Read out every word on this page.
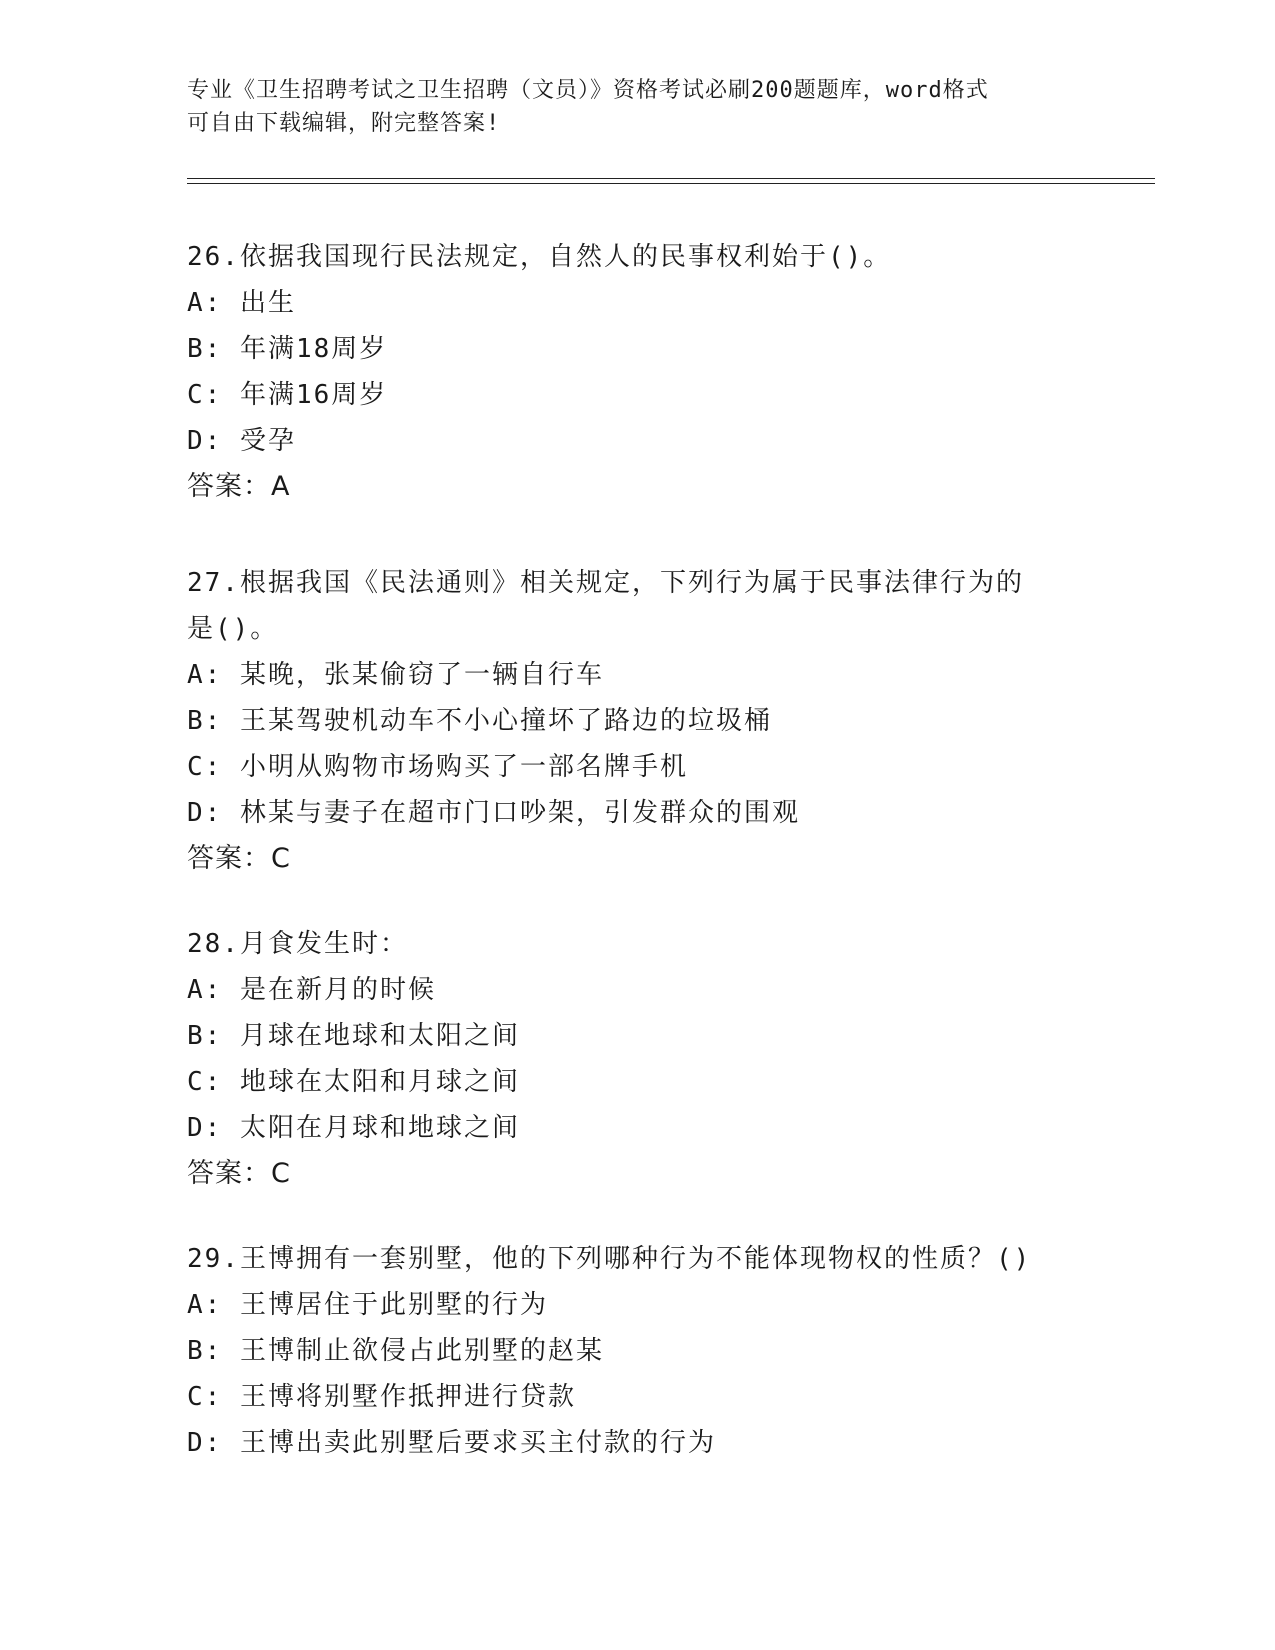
专业《卫生招聘考试之卫生招聘（文员）》资格考试必刷200题题库，word格式
可自由下载编辑，附完整答案!
26.依据我国现行民法规定，自然人的民事权利始于()。
A: 出生
B: 年满18周岁
C: 年满16周岁
D: 受孕
答案：A
27.根据我国《民法通则》相关规定，下列行为属于民事法律行为的是()。
A: 某晚，张某偷窃了一辆自行车
B: 王某驾驶机动车不小心撞坏了路边的垃圾桶
C: 小明从购物市场购买了一部名牌手机
D: 林某与妻子在超市门口吵架，引发群众的围观
答案：C
28.月食发生时：
A: 是在新月的时候
B: 月球在地球和太阳之间
C: 地球在太阳和月球之间
D: 太阳在月球和地球之间
答案：C
29.王博拥有一套别墅，他的下列哪种行为不能体现物权的性质？()
A: 王博居住于此别墅的行为
B: 王博制止欲侵占此别墅的赵某
C: 王博将别墅作抵押进行贷款
D: 王博出卖此别墅后要求买主付款的行为
